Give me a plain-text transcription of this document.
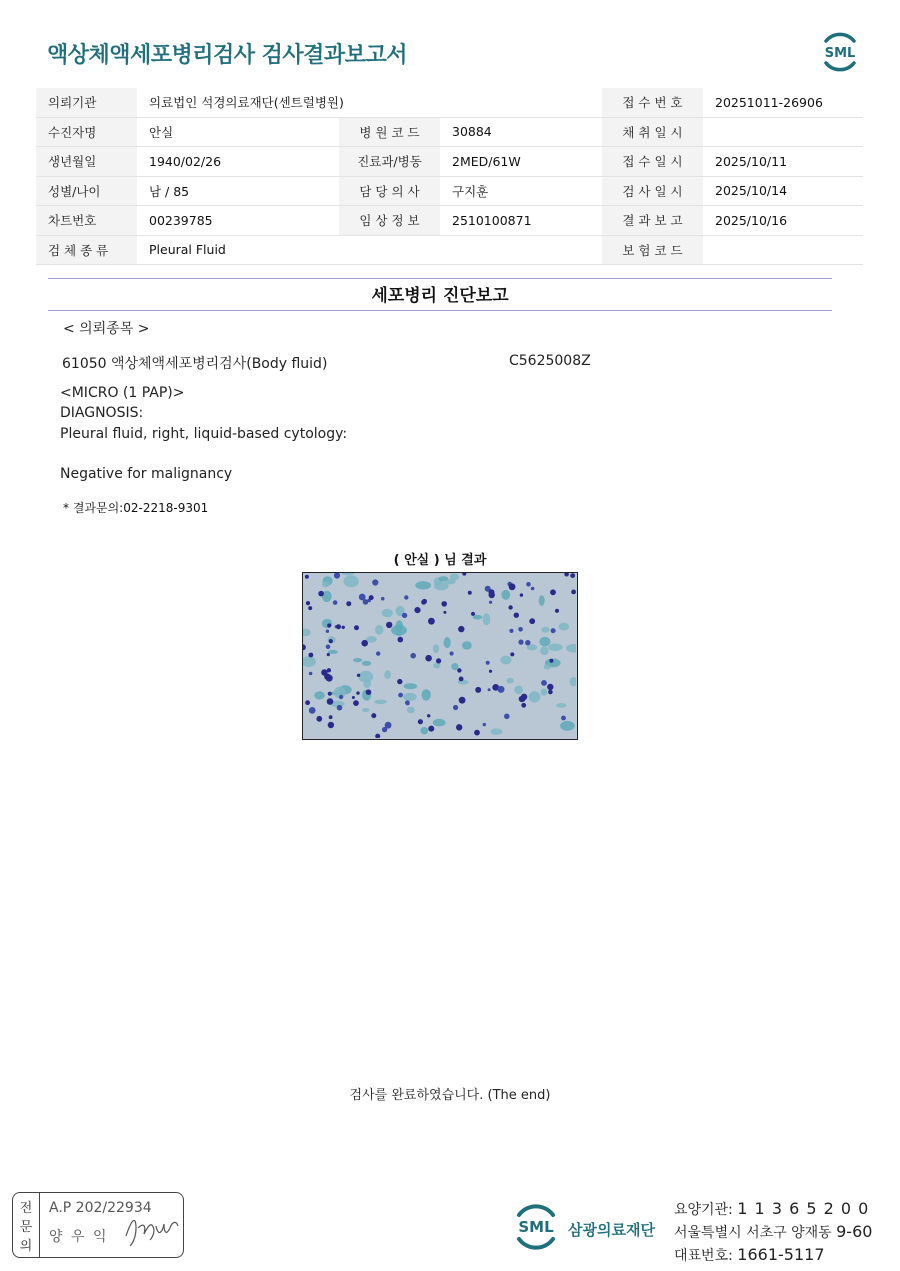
액상체액세포병리검사 검사결과보고서	SML
의뢰기관	의료법인 석경의료재단(센트럴병원)			접 수 번 호	20251011-26906
수진자명	안실	병 원 코 드	30884	채 취 일 시	
생년월일	1940/02/26	진료과/병동	2MED/61W	접 수 일 시	2025/10/11
성별/나이	남 / 85	담 당 의 사	구지훈	검 사 일 시	2025/10/14
차트번호	00239785	임 상 정 보	2510100871	결 과 보 고	2025/10/16
검 체 종 류	Pleural Fluid			보 험 코 드	
세포병리 진단보고
< 의뢰종목 >
61050 액상체액세포병리검사(Body fluid)	C5625008Z
<MICRO (1 PAP)>
DIAGNOSIS:
Pleural fluid, right, liquid-based cytology:
Negative for malignancy
* 결과문의:02-2218-9301
( 안실 ) 님 결과
검사를 완료하였습니다. (The end)
전
문
의
A.P 202/22934
양 우 익
SML 삼광의료재단
요양기관: 1 1 3 6 5 2 0 0
서울특별시 서초구 양재동 9-60
대표번호: 1661-5117
